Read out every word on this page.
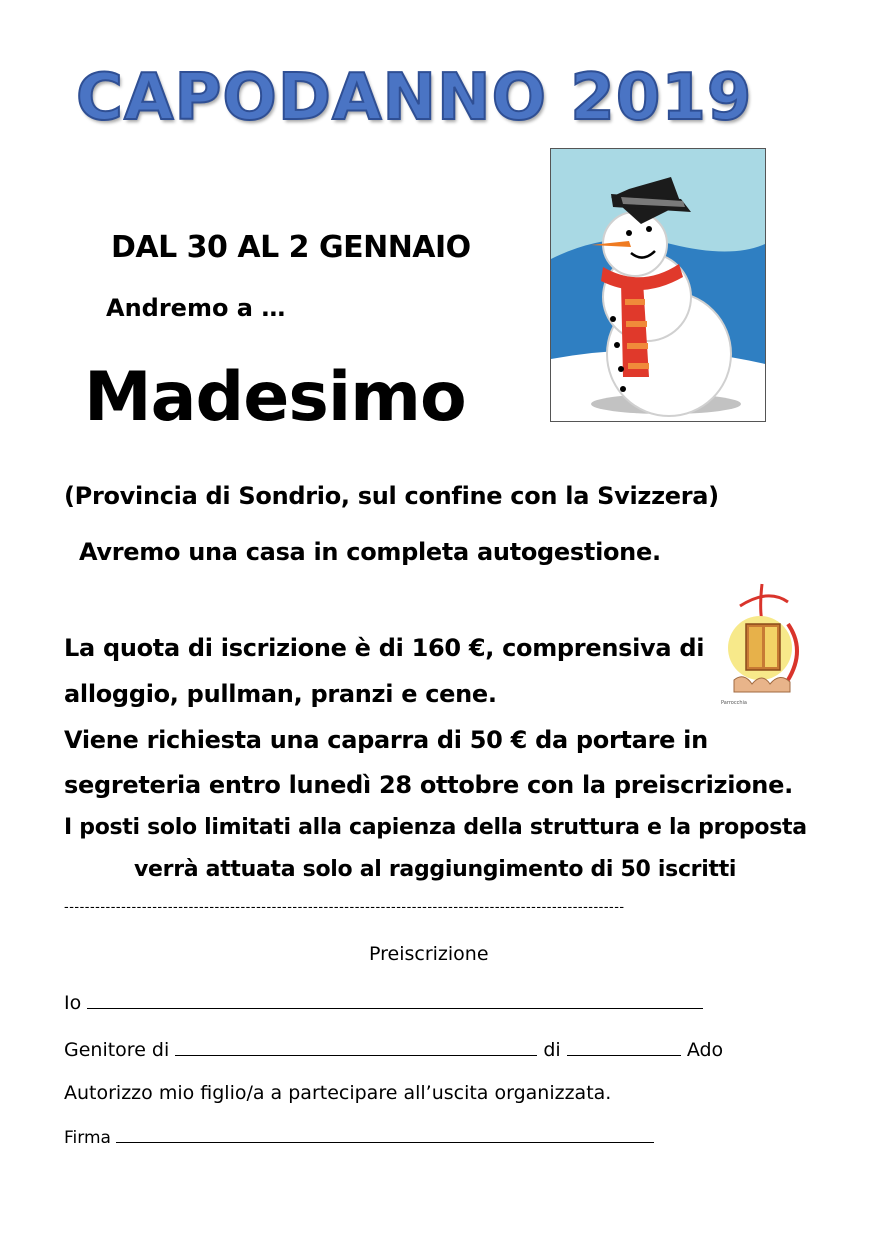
CAPODANNO 2019
DAL 30 AL 2 GENNAIO
Andremo a …
Madesimo
(Provincia di Sondrio, sul confine con la Svizzera)
Avremo una casa in completa autogestione.
La quota di iscrizione è di 160 €, comprensiva di
alloggio, pullman, pranzi e cene.
Viene richiesta una caparra di 50 € da portare in
segreteria entro lunedì 28 ottobre con la preiscrizione.
Parrocchia
I posti solo limitati alla capienza della struttura e la proposta
verrà attuata solo al raggiungimento di 50 iscritti
------------------------------------------------------------------------------------------------------------
Preiscrizione
Io
Genitore di	di	Ado
Autorizzo mio figlio/a a partecipare all’uscita organizzata.
Firma
